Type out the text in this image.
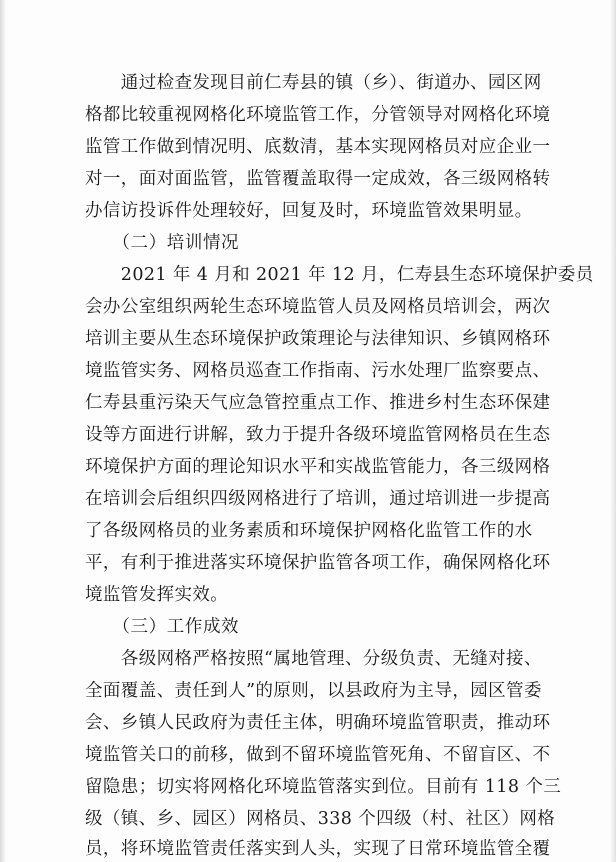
　　通过检查发现目前仁寿县的镇（乡）、街道办、园区网
格都比较重视网格化环境监管工作，分管领导对网格化环境
监管工作做到情况明、底数清，基本实现网格员对应企业一
对一，面对面监管，监管覆盖取得一定成效，各三级网格转
办信访投诉件处理较好，回复及时，环境监管效果明显。
　　（二）培训情况
　　2021 年 4 月和 2021 年 12 月，仁寿县生态环境保护委员
会办公室组织两轮生态环境监管人员及网格员培训会，两次
培训主要从生态环境保护政策理论与法律知识、乡镇网格环
境监管实务、网格员巡查工作指南、污水处理厂监察要点、
仁寿县重污染天气应急管控重点工作、推进乡村生态环保建
设等方面进行讲解，致力于提升各级环境监管网格员在生态
环境保护方面的理论知识水平和实战监管能力，各三级网格
在培训会后组织四级网格进行了培训，通过培训进一步提高
了各级网格员的业务素质和环境保护网格化监管工作的水
平，有利于推进落实环境保护监管各项工作，确保网格化环
境监管发挥实效。
　　（三）工作成效
　　各级网格严格按照“属地管理、分级负责、无缝对接、
全面覆盖、责任到人”的原则，以县政府为主导，园区管委
会、乡镇人民政府为责任主体，明确环境监管职责，推动环
境监管关口的前移，做到不留环境监管死角、不留盲区、不
留隐患；切实将网格化环境监管落实到位。目前有 118 个三
级（镇、乡、园区）网格员、338 个四级（村、社区）网格
员，将环境监管责任落实到人头，实现了日常环境监管全覆
